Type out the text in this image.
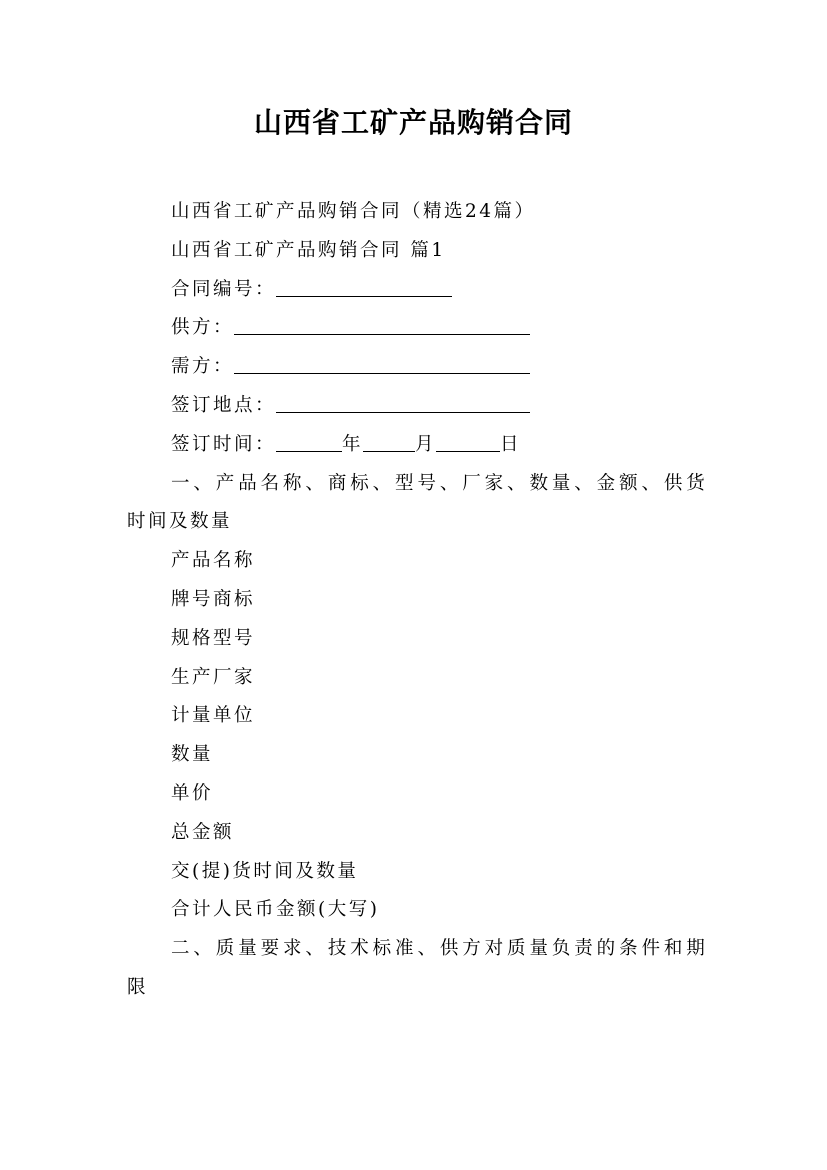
山西省工矿产品购销合同

山西省工矿产品购销合同（精选24篇）

山西省工矿产品购销合同 篇1

合同编号：

供方：

需方：

签订地点：

签订时间：	年	月	日

一、产品名称、商标、型号、厂家、数量、金额、供货

时间及数量

产品名称

牌号商标

规格型号

生产厂家

计量单位

数量

单价

总金额

交(提)货时间及数量

合计人民币金额(大写)

二、质量要求、技术标准、供方对质量负责的条件和期

限
